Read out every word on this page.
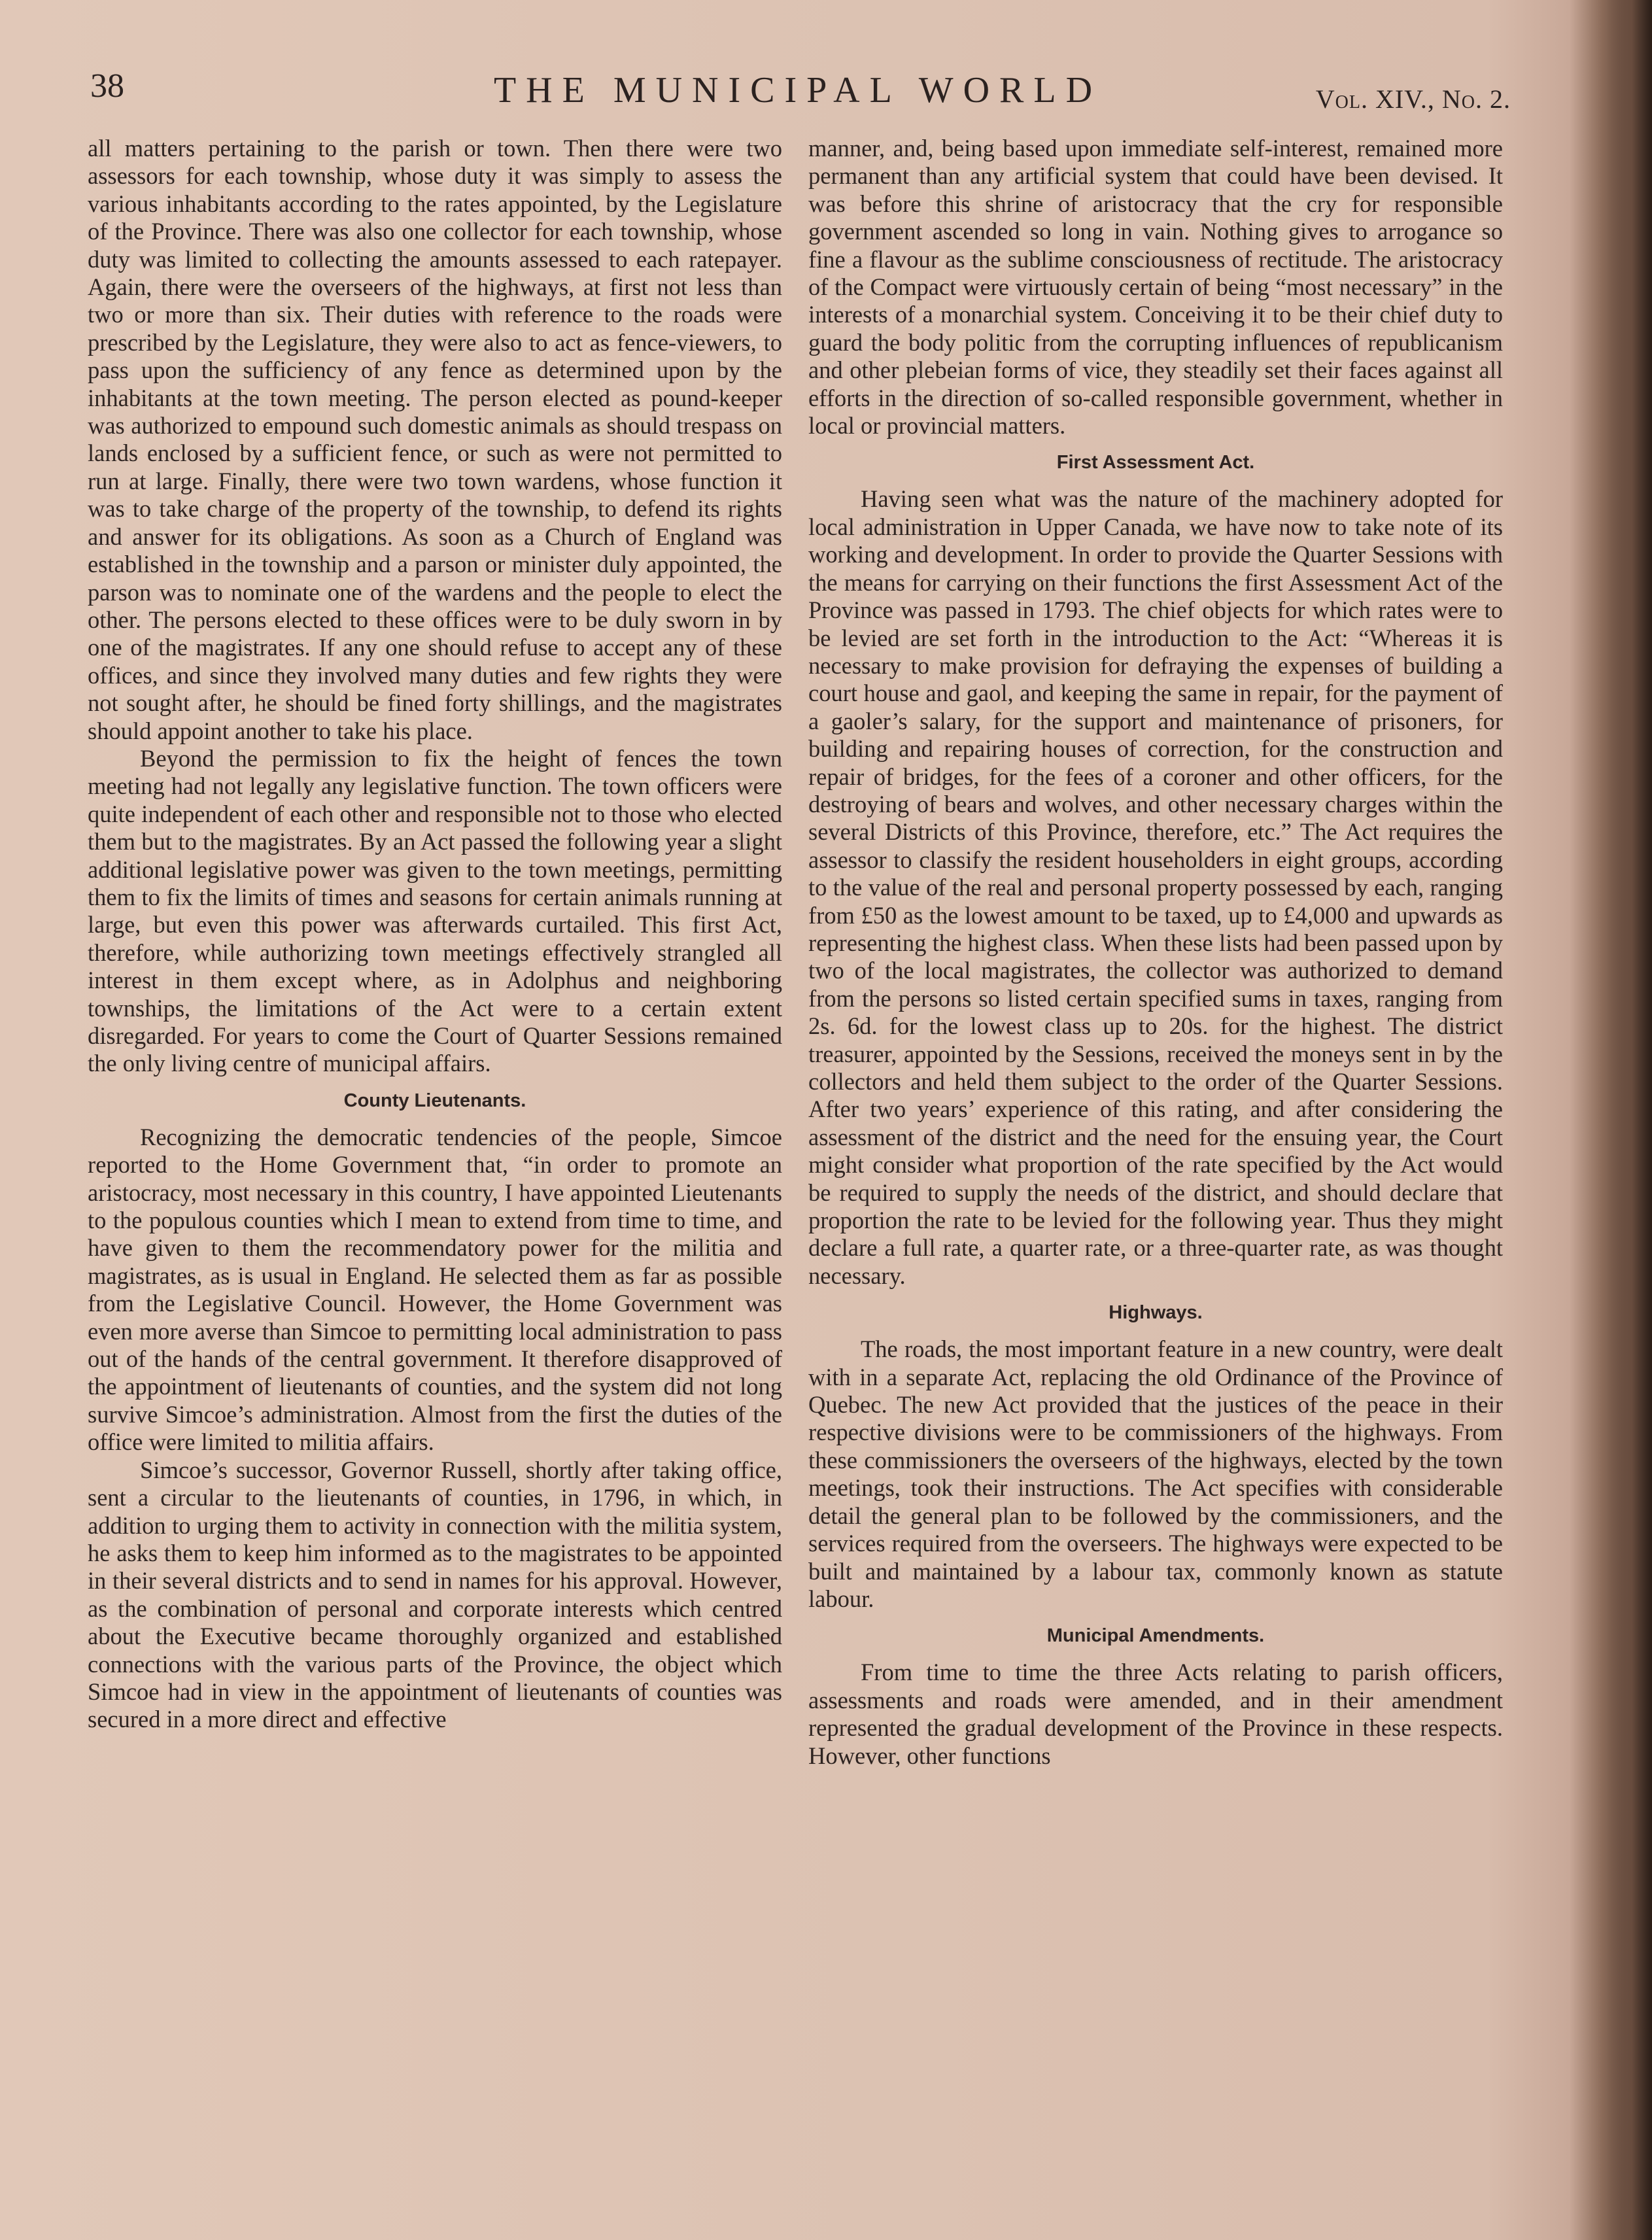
38	THE MUNICIPAL WORLD	Vol. XIV., No. 2.

all matters pertaining to the parish or town. Then there were two assessors for each township, whose duty it was simply to assess the various inhabitants according to the rates appointed, by the Legislature of the Province. There was also one collector for each township, whose duty was limited to collecting the amounts assessed to each ratepayer. Again, there were the overseers of the highways, at first not less than two or more than six. Their duties with reference to the roads were prescribed by the Legislature, they were also to act as fence-viewers, to pass upon the sufficiency of any fence as determined upon by the inhabitants at the town meeting. The person elected as pound-keeper was authorized to empound such domestic animals as should trespass on lands enclosed by a sufficient fence, or such as were not permitted to run at large. Finally, there were two town wardens, whose function it was to take charge of the property of the township, to defend its rights and answer for its obligations. As soon as a Church of England was established in the township and a parson or minister duly appointed, the parson was to nominate one of the wardens and the people to elect the other. The persons elected to these offices were to be duly sworn in by one of the magistrates. If any one should refuse to accept any of these offices, and since they involved many duties and few rights they were not sought after, he should be fined forty shillings, and the magistrates should appoint another to take his place.

Beyond the permission to fix the height of fences the town meeting had not legally any legislative function. The town officers were quite independent of each other and responsible not to those who elected them but to the magistrates. By an Act passed the following year a slight additional legislative power was given to the town meetings, permitting them to fix the limits of times and seasons for certain animals running at large, but even this power was afterwards curtailed. This first Act, therefore, while authorizing town meetings effectively strangled all interest in them except where, as in Adolphus and neighboring townships, the limitations of the Act were to a certain extent disregarded. For years to come the Court of Quarter Sessions remained the only living centre of municipal affairs.

County Lieutenants.

Recognizing the democratic tendencies of the people, Simcoe reported to the Home Government that, “in order to promote an aristocracy, most necessary in this country, I have appointed Lieutenants to the populous counties which I mean to extend from time to time, and have given to them the recommendatory power for the militia and magistrates, as is usual in England. He selected them as far as possible from the Legislative Council. However, the Home Government was even more averse than Simcoe to permitting local administration to pass out of the hands of the central government. It therefore disapproved of the appointment of lieutenants of counties, and the system did not long survive Simcoe’s administration. Almost from the first the duties of the office were limited to militia affairs.

Simcoe’s successor, Governor Russell, shortly after taking office, sent a circular to the lieutenants of counties, in 1796, in which, in addition to urging them to activity in connection with the militia system, he asks them to keep him informed as to the magistrates to be appointed in their several districts and to send in names for his approval. However, as the combination of personal and corporate interests which centred about the Executive became thoroughly organized and established connections with the various parts of the Province, the object which Simcoe had in view in the appointment of lieutenants of counties was secured in a more direct and effective

manner, and, being based upon immediate self-interest, remained more permanent than any artificial system that could have been devised. It was before this shrine of aristocracy that the cry for responsible government ascended so long in vain. Nothing gives to arrogance so fine a flavour as the sublime consciousness of rectitude. The aristocracy of the Compact were virtuously certain of being “most necessary” in the interests of a monarchial system. Conceiving it to be their chief duty to guard the body politic from the corrupting influences of republicanism and other plebeian forms of vice, they steadily set their faces against all efforts in the direction of so-called responsible government, whether in local or provincial matters.

First Assessment Act.

Having seen what was the nature of the machinery adopted for local administration in Upper Canada, we have now to take note of its working and development. In order to provide the Quarter Sessions with the means for carrying on their functions the first Assessment Act of the Province was passed in 1793. The chief objects for which rates were to be levied are set forth in the introduction to the Act: “Whereas it is necessary to make provision for defraying the expenses of building a court house and gaol, and keeping the same in repair, for the payment of a gaoler’s salary, for the support and maintenance of prisoners, for building and repairing houses of correction, for the construction and repair of bridges, for the fees of a coroner and other officers, for the destroying of bears and wolves, and other necessary charges within the several Districts of this Province, therefore, etc.” The Act requires the assessor to classify the resident householders in eight groups, according to the value of the real and personal property possessed by each, ranging from £50 as the lowest amount to be taxed, up to £4,000 and upwards as representing the highest class. When these lists had been passed upon by two of the local magistrates, the collector was authorized to demand from the persons so listed certain specified sums in taxes, ranging from 2s. 6d. for the lowest class up to 20s. for the highest. The district treasurer, appointed by the Sessions, received the moneys sent in by the collectors and held them subject to the order of the Quarter Sessions. After two years’ experience of this rating, and after considering the assessment of the district and the need for the ensuing year, the Court might consider what proportion of the rate specified by the Act would be required to supply the needs of the district, and should declare that proportion the rate to be levied for the following year. Thus they might declare a full rate, a quarter rate, or a three-quarter rate, as was thought necessary.

Highways.

The roads, the most important feature in a new country, were dealt with in a separate Act, replacing the old Ordinance of the Province of Quebec. The new Act provided that the justices of the peace in their respective divisions were to be commissioners of the highways. From these commissioners the overseers of the highways, elected by the town meetings, took their instructions. The Act specifies with considerable detail the general plan to be followed by the commissioners, and the services required from the overseers. The highways were expected to be built and maintained by a labour tax, commonly known as statute labour.

Municipal Amendments.

From time to time the three Acts relating to parish officers, assessments and roads were amended, and in their amendment represented the gradual development of the Province in these respects. However, other functions
